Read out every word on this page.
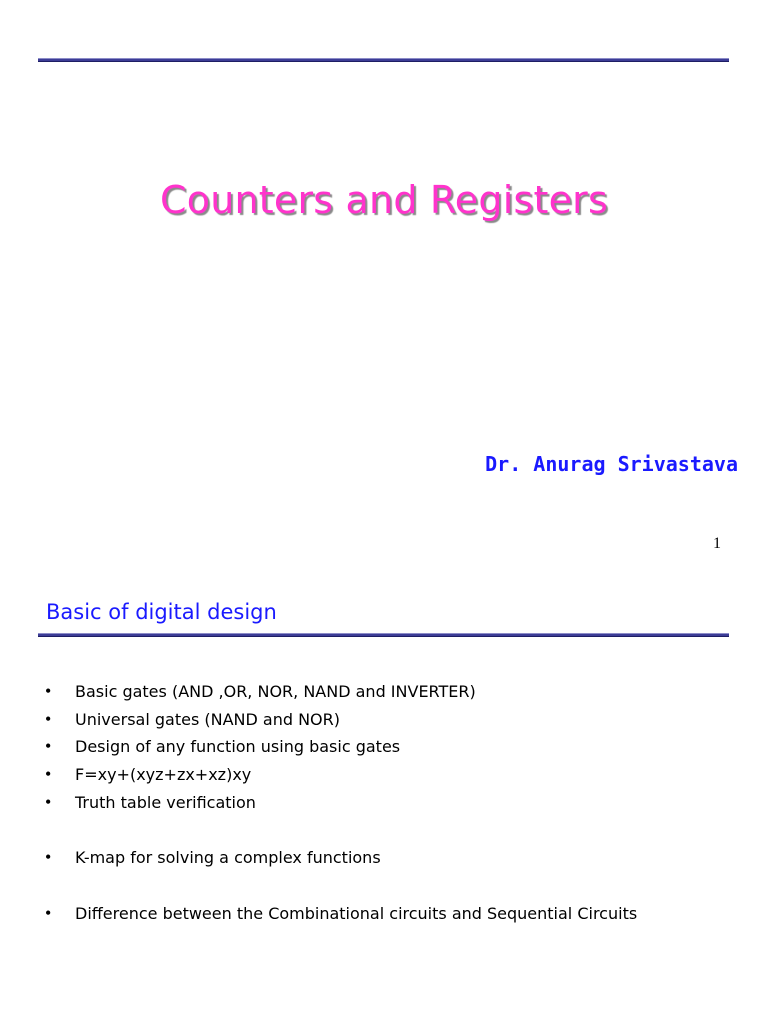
Counters and Registers
Dr. Anurag Srivastava
1
Basic of digital design
• Basic gates (AND ,OR, NOR, NAND and INVERTER)
• Universal gates (NAND and NOR)
• Design of any function using basic gates
• F=xy+(xyz+zx+xz)xy
• Truth table verification
• K-map for solving a complex functions
• Difference between the Combinational circuits and Sequential Circuits
